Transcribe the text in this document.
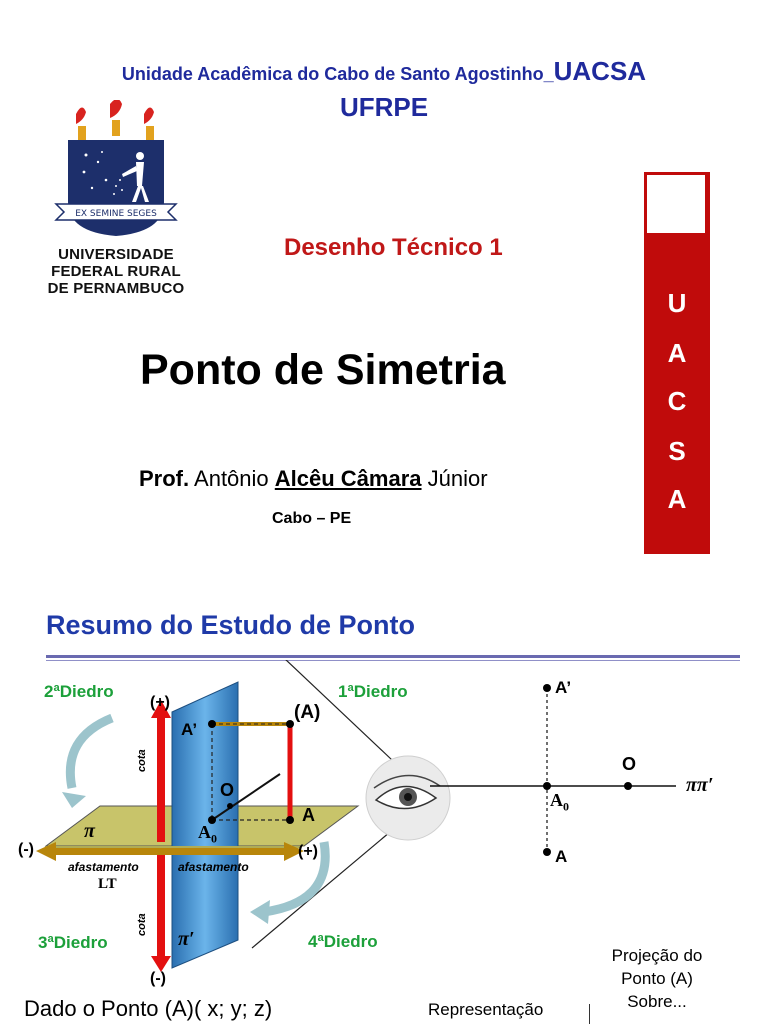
Unidade Acadêmica do Cabo de Santo Agostinho_UACSA
UFRPE
EX SEMINE SEGES
UNIVERSIDADE
FEDERAL RURAL
DE PERNAMBUCO
Desenho Técnico 1
Ponto de Simetria
Prof. Antônio Alcêu Câmara Júnior
Cabo – PE
U
A
C
S
A
Resumo do Estudo de Ponto
2ªDiedro	1ªDiedro
3ªDiedro	4ªDiedro
(+)
(-)
(-)	(+)
A’
(A)
A
O
$A_0$
π
π′
cota
cota
afastamento	afastamento
LT
A’
O
$A_0$
A
ππ′
Dado o Ponto (A)( x; y; z)	Representação
Projeção do
Ponto (A)
Sobre...
